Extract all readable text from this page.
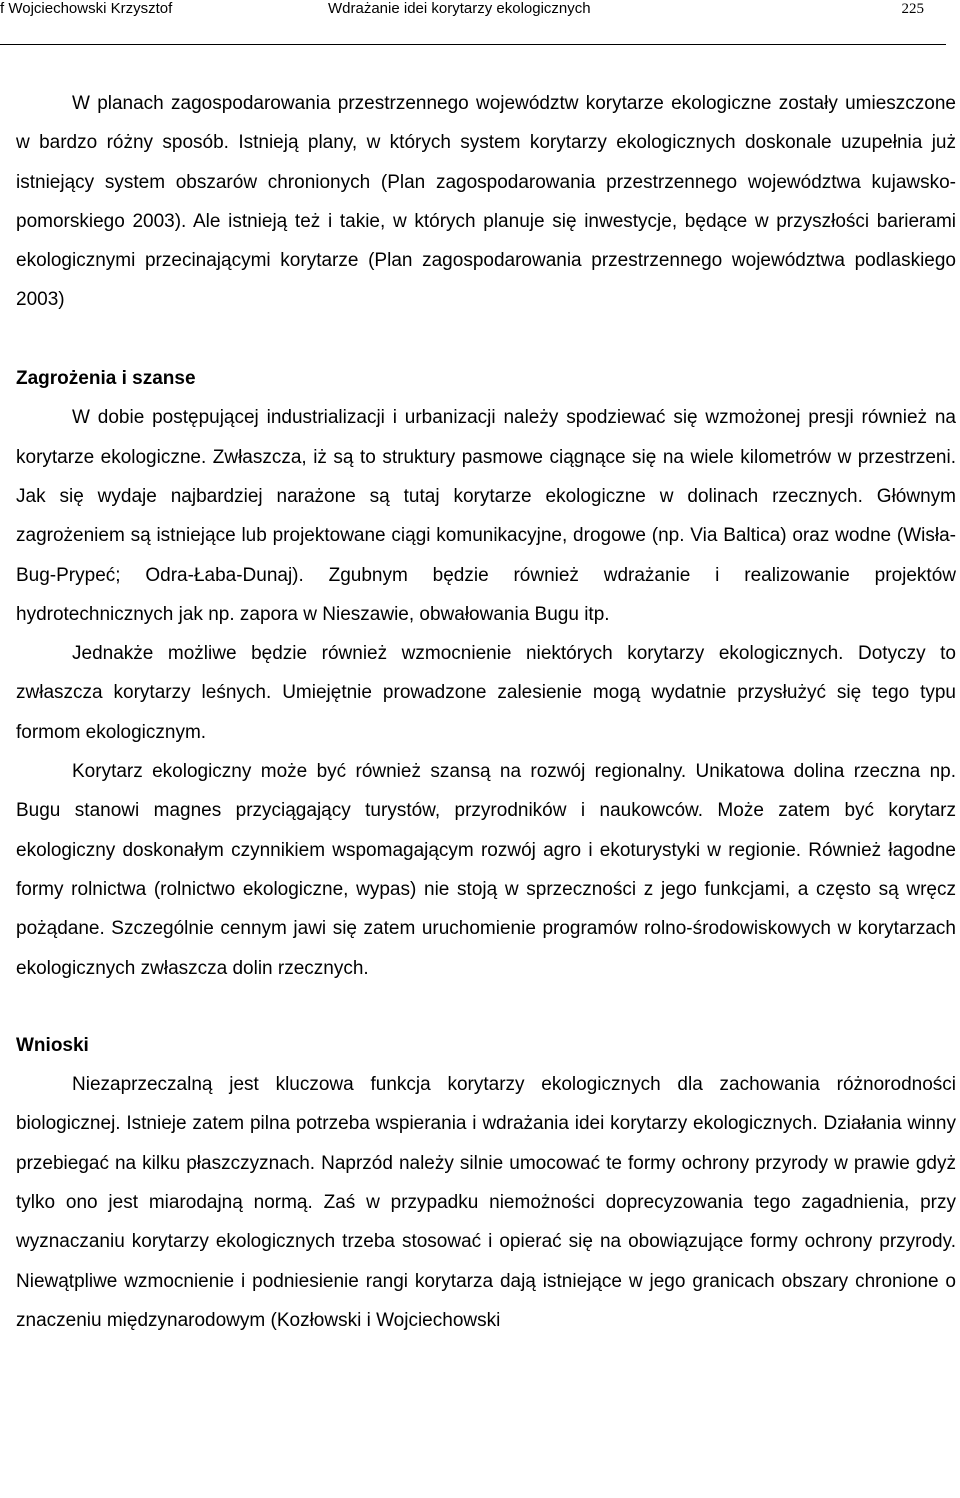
f Wojciechowski Krzysztof	Wdrażanie idei korytarzy ekologicznych	225

W planach zagospodarowania przestrzennego województw korytarze ekologiczne zostały umieszczone w bardzo różny sposób. Istnieją plany, w których system korytarzy ekologicznych doskonale uzupełnia już istniejący system obszarów chronionych (Plan zagospodarowania przestrzennego województwa kujawsko-pomorskiego 2003). Ale istnieją też i takie, w których planuje się inwestycje, będące w przyszłości barierami ekologicznymi przecinającymi korytarze (Plan zagospodarowania przestrzennego województwa podlaskiego 2003)

Zagrożenia i szanse

W dobie postępującej industrializacji i urbanizacji należy spodziewać się wzmożonej presji również na korytarze ekologiczne. Zwłaszcza, iż są to struktury pasmowe ciągnące się na wiele kilometrów w przestrzeni. Jak się wydaje najbardziej narażone są tutaj korytarze ekologiczne w dolinach rzecznych. Głównym zagrożeniem są istniejące lub projektowane ciągi komunikacyjne, drogowe (np. Via Baltica) oraz wodne (Wisła-Bug-Prypeć; Odra-Łaba-Dunaj). Zgubnym będzie również wdrażanie i realizowanie projektów hydrotechnicznych jak np. zapora w Nieszawie, obwałowania Bugu itp.

Jednakże możliwe będzie również wzmocnienie niektórych korytarzy ekologicznych. Dotyczy to zwłaszcza korytarzy leśnych. Umiejętnie prowadzone zalesienie mogą wydatnie przysłużyć się tego typu formom ekologicznym.

Korytarz ekologiczny może być również szansą na rozwój regionalny. Unikatowa dolina rzeczna np. Bugu stanowi magnes przyciągający turystów, przyrodników i naukowców. Może zatem być korytarz ekologiczny doskonałym czynnikiem wspomagającym rozwój agro i ekoturystyki w regionie. Również łagodne formy rolnictwa (rolnictwo ekologiczne, wypas) nie stoją w sprzeczności z jego funkcjami, a często są wręcz pożądane. Szczególnie cennym jawi się zatem uruchomienie programów rolno-środowiskowych w korytarzach ekologicznych zwłaszcza dolin rzecznych.

Wnioski

Niezaprzeczalną jest kluczowa funkcja korytarzy ekologicznych dla zachowania różnorodności biologicznej. Istnieje zatem pilna potrzeba wspierania i wdrażania idei korytarzy ekologicznych. Działania winny przebiegać na kilku płaszczyznach. Naprzód należy silnie umocować te formy ochrony przyrody w prawie gdyż tylko ono jest miarodajną normą. Zaś w przypadku niemożności doprecyzowania tego zagadnienia, przy wyznaczaniu korytarzy ekologicznych trzeba stosować i opierać się na obowiązujące formy ochrony przyrody. Niewątpliwe wzmocnienie i podniesienie rangi korytarza dają istniejące w jego granicach obszary chronione o znaczeniu międzynarodowym (Kozłowski i Wojciechowski
